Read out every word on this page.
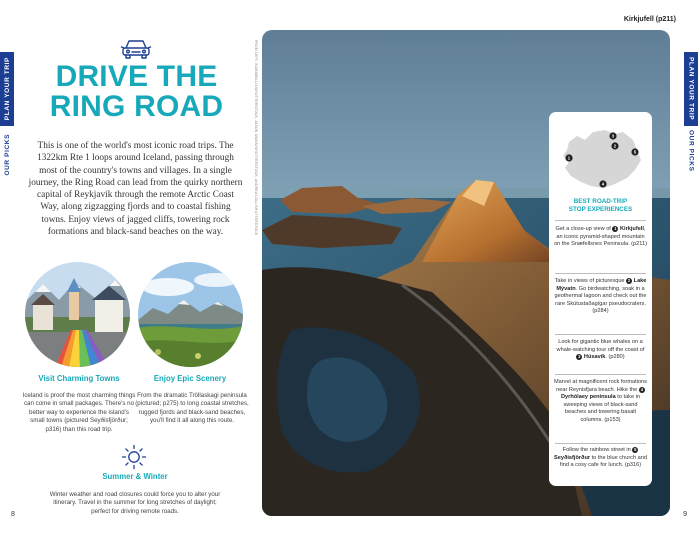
PLAN YOUR TRIP
OUR PICKS
DRIVE THE
RING ROAD

This is one of the world's most iconic road trips. The 1322km Rte 1 loops around Iceland, passing through most of the country's towns and villages. In a single journey, the Ring Road can lead from the quirky northern capital of Reykjavík through the remote Arctic Coast Way, along zigzagging fjords and to coastal fishing towns. Enjoy views of jagged cliffs, towering rock formations and black-sand beaches on the way.

Visit Charming Towns

Iceland is proof the most charming things can come in small packages. There's no better way to experience the island's small towns (pictured Seyðisfjörður; p316) than this road trip.

Enjoy Epic Scenery

From the dramatic Tröllaskagi peninsula (pictured; p275) to long coastal stretches, rugged fjords and black-sand beaches, you'll find it all along this route.

Summer & Winter

Winter weather and road closures could force you to alter your itinerary. Travel in the summer for long stretches of daylight; perfect for driving remote roads.

8
Kirkjufell (p211)
FROM LEFT: ISARABELLIX/SHUTTERSTOCK, JASON SWAIN/SHUTTERSTOCK, ANDREA LOLL/SHUTTERSTOCK	1
2
3
4
5
BEST ROAD-TRIP
STOP EXPERIENCES
Get a close-up view of 1 Kirkjufell, an iconic pyramid-shaped mountain on the Snæfellsnes Peninsula. (p211)
Take in views of picturesque 2 Lake Mývatn. Go birdwatching, soak in a geothermal lagoon and check out the rare Skútustaðagígar pseudocraters. (p284)
Look for gigantic blue whales on a whale-watching tour off the coast of 3 Húsavík. (p280)
Marvel at magnificent rock formations near Reynisfjara beach. Hike the 4 Dyrhólaey peninsula to take in sweeping views of black-sand beaches and towering basalt columns. (p153)
Follow the rainbow street in 5 Seyðisfjörður to the blue church and find a cosy cafe for lunch. (p316)
PLAN YOUR TRIP
OUR PICKS
9
